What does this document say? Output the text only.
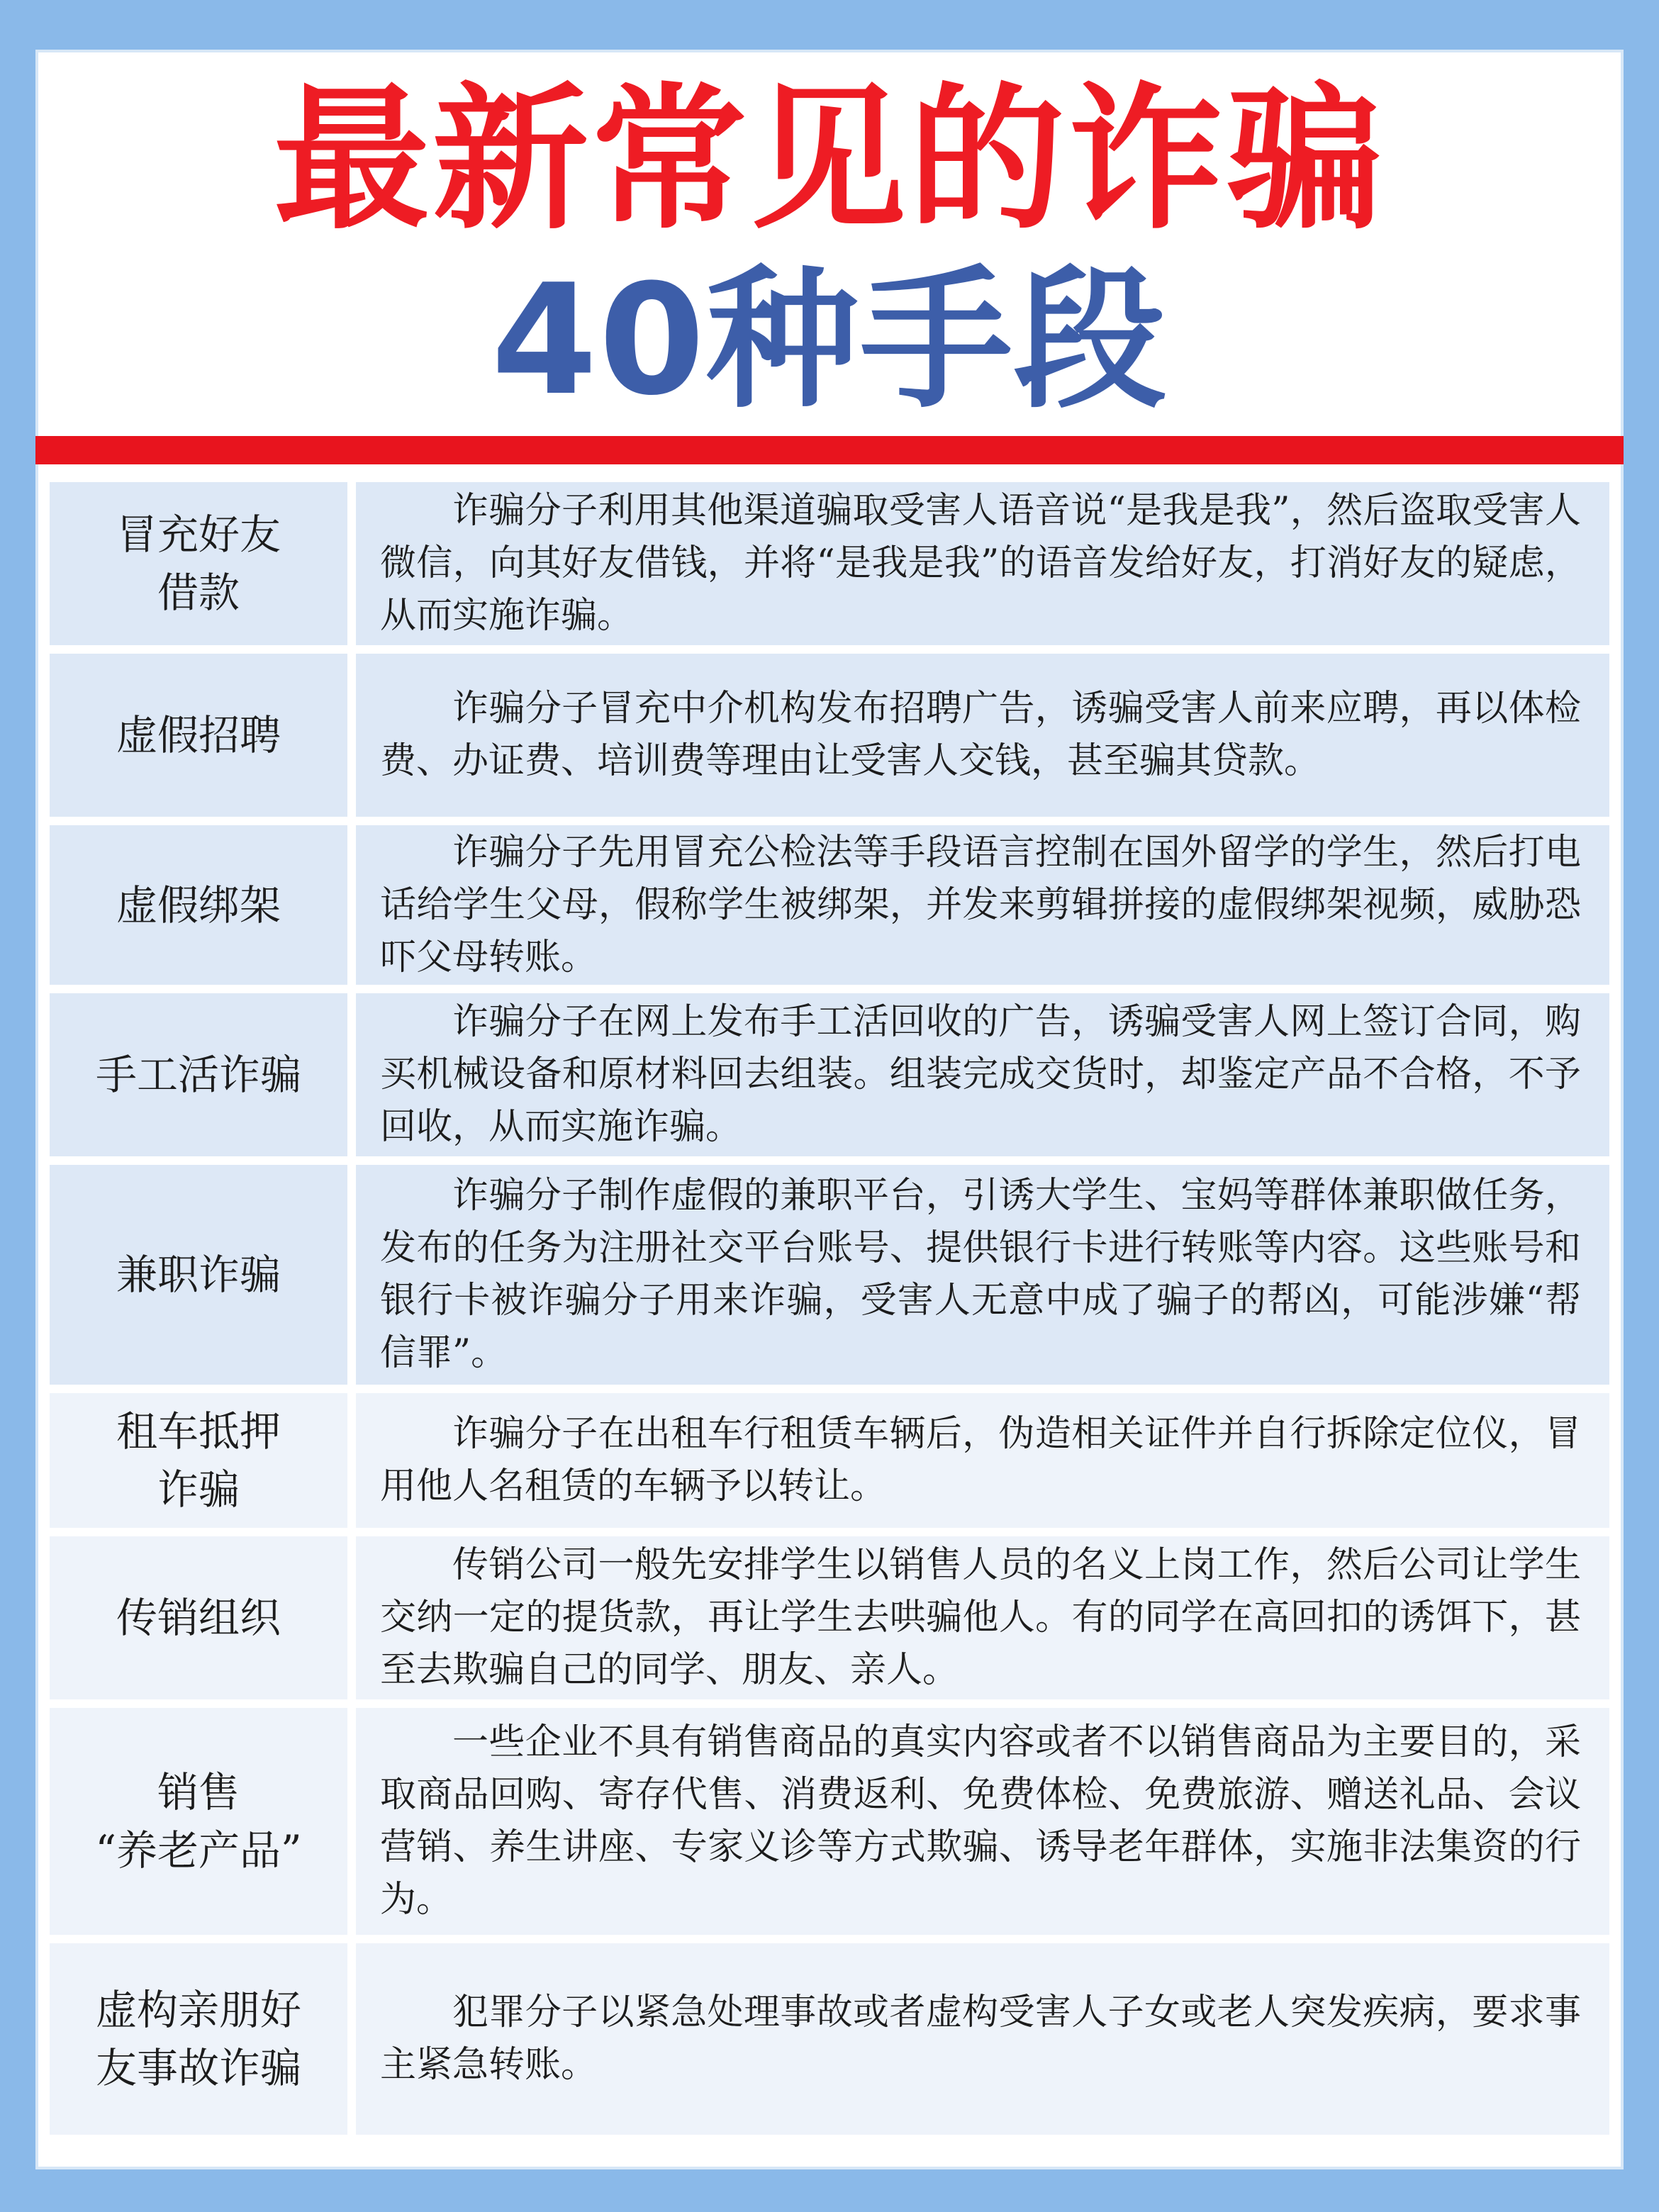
最新常见的诈骗
40种手段
冒充好友
借款
诈骗分子利用其他渠道骗取受害人语音说“是我是我”，然后盗取受害人微信，向其好友借钱，并将“是我是我”的语音发给好友，打消好友的疑虑，从而实施诈骗。
虚假招聘
诈骗分子冒充中介机构发布招聘广告，诱骗受害人前来应聘，再以体检费、办证费、培训费等理由让受害人交钱，甚至骗其贷款。
虚假绑架
诈骗分子先用冒充公检法等手段语言控制在国外留学的学生，然后打电话给学生父母，假称学生被绑架，并发来剪辑拼接的虚假绑架视频，威胁恐吓父母转账。
手工活诈骗
诈骗分子在网上发布手工活回收的广告，诱骗受害人网上签订合同，购买机械设备和原材料回去组装。组装完成交货时，却鉴定产品不合格，不予回收，从而实施诈骗。
兼职诈骗
诈骗分子制作虚假的兼职平台，引诱大学生、宝妈等群体兼职做任务，发布的任务为注册社交平台账号、提供银行卡进行转账等内容。这些账号和银行卡被诈骗分子用来诈骗，受害人无意中成了骗子的帮凶，可能涉嫌“帮信罪”。
租车抵押
诈骗
诈骗分子在出租车行租赁车辆后，伪造相关证件并自行拆除定位仪，冒用他人名租赁的车辆予以转让。
传销组织
传销公司一般先安排学生以销售人员的名义上岗工作，然后公司让学生交纳一定的提货款，再让学生去哄骗他人。有的同学在高回扣的诱饵下，甚至去欺骗自己的同学、朋友、亲人。
销售
“养老产品”
一些企业不具有销售商品的真实内容或者不以销售商品为主要目的，采取商品回购、寄存代售、消费返利、免费体检、免费旅游、赠送礼品、会议营销、养生讲座、专家义诊等方式欺骗、诱导老年群体，实施非法集资的行为。
虚构亲朋好
友事故诈骗
犯罪分子以紧急处理事故或者虚构受害人子女或老人突发疾病，要求事主紧急转账。
